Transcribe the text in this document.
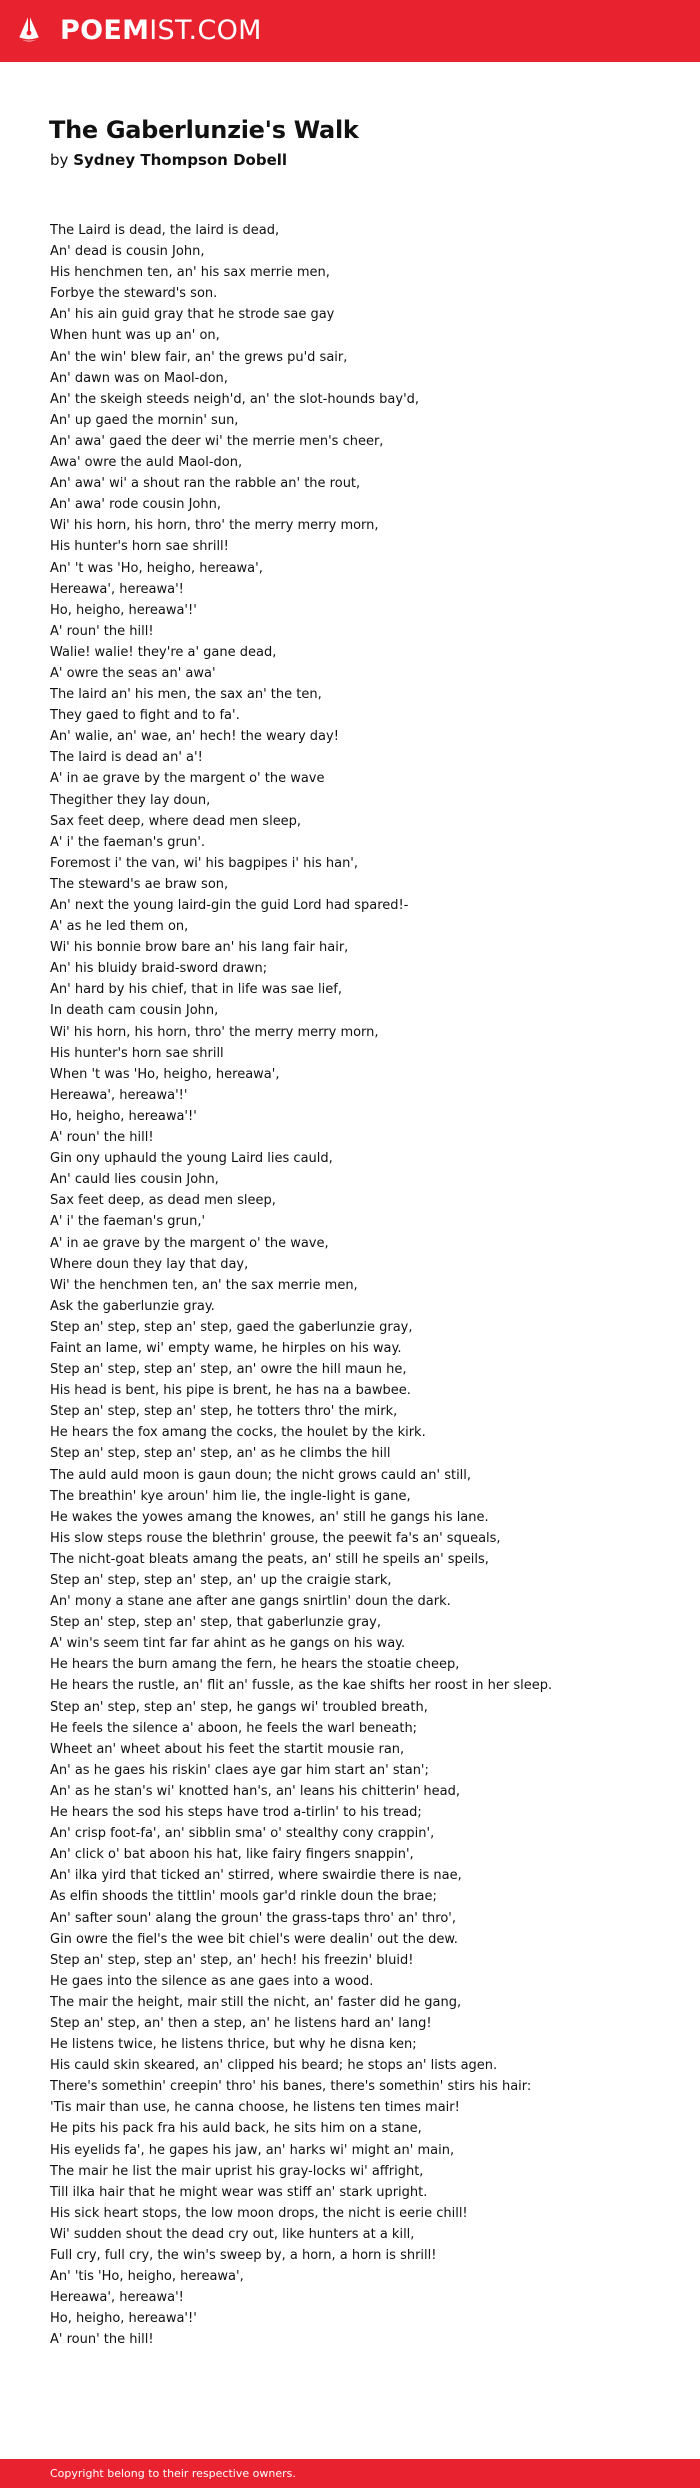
POEMIST.COM
The Gaberlunzie's Walk
by Sydney Thompson Dobell
The Laird is dead, the laird is dead,
An' dead is cousin John,
His henchmen ten, an' his sax merrie men,
Forbye the steward's son.
An' his ain guid gray that he strode sae gay
When hunt was up an' on,
An' the win' blew fair, an' the grews pu'd sair,
An' dawn was on Maol-don,
An' the skeigh steeds neigh'd, an' the slot-hounds bay'd,
An' up gaed the mornin' sun,
An' awa' gaed the deer wi' the merrie men's cheer,
Awa' owre the auld Maol-don,
An' awa' wi' a shout ran the rabble an' the rout,
An' awa' rode cousin John,
Wi' his horn, his horn, thro' the merry merry morn,
His hunter's horn sae shrill!
An' 't was 'Ho, heigho, hereawa',
Hereawa', hereawa'!
Ho, heigho, hereawa'!'
A' roun' the hill!
Walie! walie! they're a' gane dead,
A' owre the seas an' awa'
The laird an' his men, the sax an' the ten,
They gaed to fight and to fa'.
An' walie, an' wae, an' hech! the weary day!
The laird is dead an' a'!
A' in ae grave by the margent o' the wave
Thegither they lay doun,
Sax feet deep, where dead men sleep,
A' i' the faeman's grun'.
Foremost i' the van, wi' his bagpipes i' his han',
The steward's ae braw son,
An' next the young laird-gin the guid Lord had spared!-
A' as he led them on,
Wi' his bonnie brow bare an' his lang fair hair,
An' his bluidy braid-sword drawn;
An' hard by his chief, that in life was sae lief,
In death cam cousin John,
Wi' his horn, his horn, thro' the merry merry morn,
His hunter's horn sae shrill
When 't was 'Ho, heigho, hereawa',
Hereawa', hereawa'!'
Ho, heigho, hereawa'!'
A' roun' the hill!
Gin ony uphauld the young Laird lies cauld,
An' cauld lies cousin John,
Sax feet deep, as dead men sleep,
A' i' the faeman's grun,'
A' in ae grave by the margent o' the wave,
Where doun they lay that day,
Wi' the henchmen ten, an' the sax merrie men,
Ask the gaberlunzie gray.
Step an' step, step an' step, gaed the gaberlunzie gray,
Faint an lame, wi' empty wame, he hirples on his way.
Step an' step, step an' step, an' owre the hill maun he,
His head is bent, his pipe is brent, he has na a bawbee.
Step an' step, step an' step, he totters thro' the mirk,
He hears the fox amang the cocks, the houlet by the kirk.
Step an' step, step an' step, an' as he climbs the hill
The auld auld moon is gaun doun; the nicht grows cauld an' still,
The breathin' kye aroun' him lie, the ingle-light is gane,
He wakes the yowes amang the knowes, an' still he gangs his lane.
His slow steps rouse the blethrin' grouse, the peewit fa's an' squeals,
The nicht-goat bleats amang the peats, an' still he speils an' speils,
Step an' step, step an' step, an' up the craigie stark,
An' mony a stane ane after ane gangs snirtlin' doun the dark.
Step an' step, step an' step, that gaberlunzie gray,
A' win's seem tint far far ahint as he gangs on his way.
He hears the burn amang the fern, he hears the stoatie cheep,
He hears the rustle, an' flit an' fussle, as the kae shifts her roost in her sleep.
Step an' step, step an' step, he gangs wi' troubled breath,
He feels the silence a' aboon, he feels the warl beneath;
Wheet an' wheet about his feet the startit mousie ran,
An' as he gaes his riskin' claes aye gar him start an' stan';
An' as he stan's wi' knotted han's, an' leans his chitterin' head,
He hears the sod his steps have trod a-tirlin' to his tread;
An' crisp foot-fa', an' sibblin sma' o' stealthy cony crappin',
An' click o' bat aboon his hat, like fairy fingers snappin',
An' ilka yird that ticked an' stirred, where swairdie there is nae,
As elfin shoods the tittlin' mools gar'd rinkle doun the brae;
An' safter soun' alang the groun' the grass-taps thro' an' thro',
Gin owre the fiel's the wee bit chiel's were dealin' out the dew.
Step an' step, step an' step, an' hech! his freezin' bluid!
He gaes into the silence as ane gaes into a wood.
The mair the height, mair still the nicht, an' faster did he gang,
Step an' step, an' then a step, an' he listens hard an' lang!
He listens twice, he listens thrice, but why he disna ken;
His cauld skin skeared, an' clipped his beard; he stops an' lists agen.
There's somethin' creepin' thro' his banes, there's somethin' stirs his hair:
'Tis mair than use, he canna choose, he listens ten times mair!
He pits his pack fra his auld back, he sits him on a stane,
His eyelids fa', he gapes his jaw, an' harks wi' might an' main,
The mair he list the mair uprist his gray-locks wi' affright,
Till ilka hair that he might wear was stiff an' stark upright.
His sick heart stops, the low moon drops, the nicht is eerie chill!
Wi' sudden shout the dead cry out, like hunters at a kill,
Full cry, full cry, the win's sweep by, a horn, a horn is shrill!
An' 'tis 'Ho, heigho, hereawa',
Hereawa', hereawa'!
Ho, heigho, hereawa'!'
A' roun' the hill!
Copyright belong to their respective owners.
